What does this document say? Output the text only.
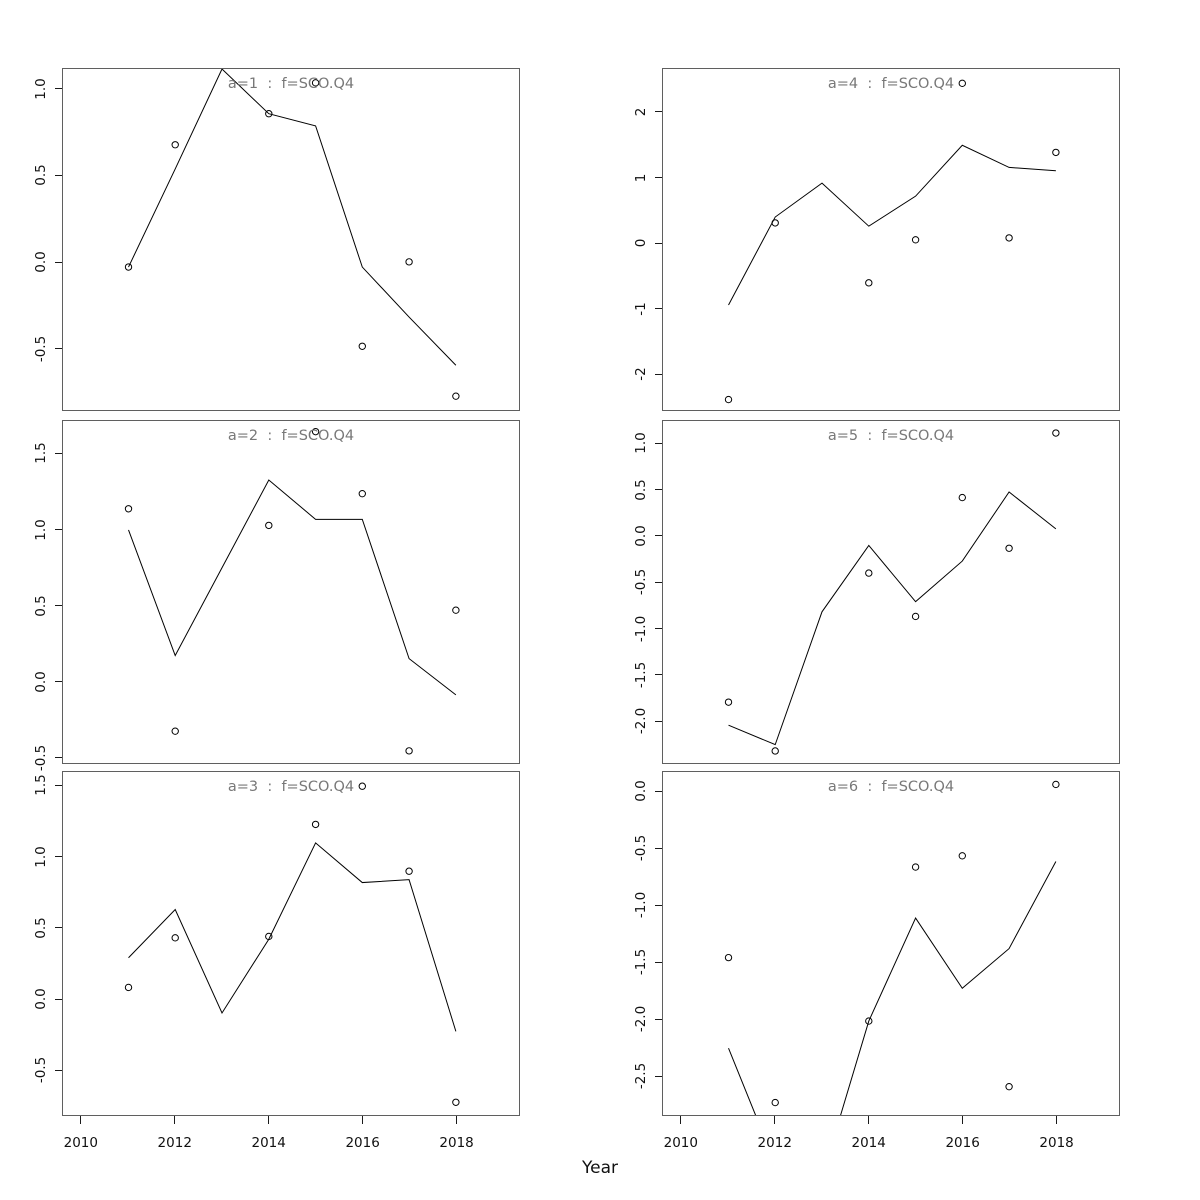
a=1  :  f=SCO.Q4
a=2  :  f=SCO.Q4
a=3  :  f=SCO.Q4
a=4  :  f=SCO.Q4
a=5  :  f=SCO.Q4
a=6  :  f=SCO.Q4
1.0
0.5
0.0
-0.5
1.5
1.0
0.5
0.0
-0.5
1.5
1.0
0.5
0.0
-0.5
2010	2012	2014	2016	2018
2
1
0
-1
-2
1.0
0.5
0.0
-0.5
-1.0
-1.5
-2.0
0.0
-0.5
-1.0
-1.5
-2.0
-2.5
2010	2012	2014	2016	2018
Year
